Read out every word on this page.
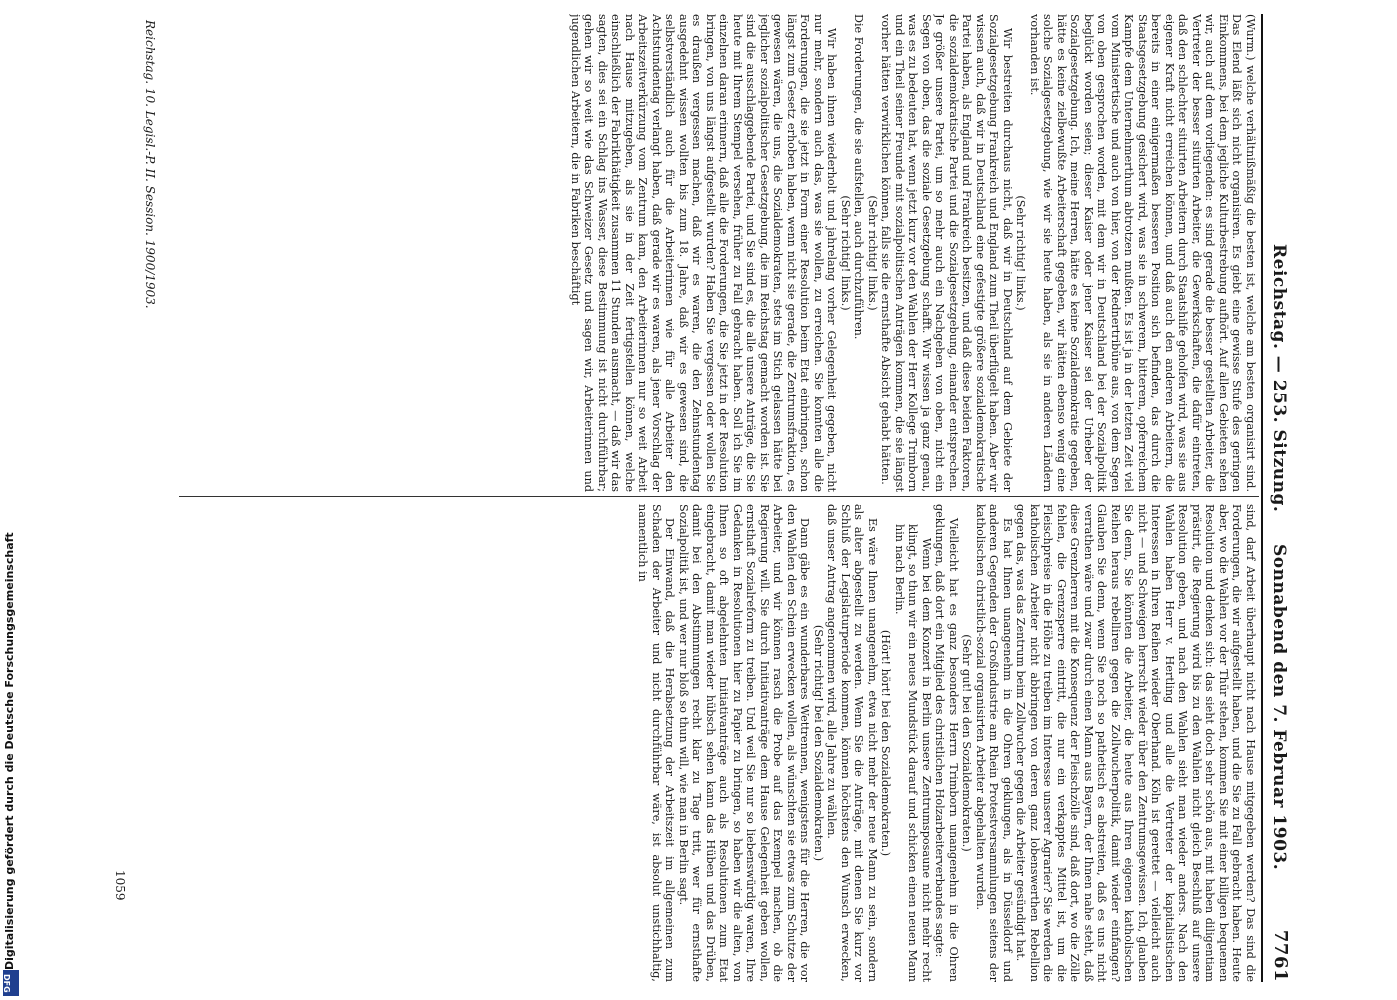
Digitalisierung gefördert durch die Deutsche Forschungsgemeinschaft
DFG
Reichstag. — 253. Sitzung.
Sonnabend den 7. Februar 1903.
7761

(Wurm.) welche verhältnißmäßig die besten ist, welche am besten organisirt sind. Das Elend läßt sich nicht organisiren. Es giebt eine gewisse Stufe des geringen Einkommens, bei dem jegliche Kulturbestrebung aufhört. Auf allen Gebieten sehen wir, auch auf dem vorliegenden: es sind gerade die besser gestellten Arbeiter, die Vertreter der besser situirten Arbeiter, die Gewerkschaften, die dafür eintreten, daß den schlechter situirten Arbeitern durch Staatshilfe geholfen wird, was sie aus eigener Kraft nicht erreichen können, und daß auch den anderen Arbeitern, die bereits in einer einigermaßen besseren Position sich befinden, das durch die Staatsgesetzgebung gesichert wird, was sie in schwerem, bitterem, opferreichem Kampfe dem Unternehmerthum abtrotzen mußten. Es ist ja in der letzten Zeit viel vom Ministertische und auch von hier, von der Rednertribüne aus, von dem Segen von oben gesprochen worden, mit dem wir in Deutschland bei der Sozialpolitik beglückt worden seien; dieser Kaiser oder jener Kaiser sei der Urheber der Sozialgesetzgebung. Ich, meine Herren, hätte es keine Sozialdemokratie gegeben, hätte es keine zielbewußte Arbeiterschaft gegeben, wir hätten ebenso wenig eine solche Sozialgesetzgebung, wie wir sie heute haben, als sie in anderen Ländern vorhanden ist.

(Sehr richtig! links.)

Wir bestreiten durchaus nicht, daß wir in Deutschland auf dem Gebiete der Sozialgesetzgebung Frankreich und England zum Theil überflügelt haben. Aber wir wissen auch, daß wir in Deutschland eine gefestigte größere sozialdemokratische Partei haben, als England und Frankreich besitzen, und daß diese beiden Faktoren, die sozialdemokratische Partei und die Sozialgesetzgebung, einander entsprechen. Je größer unsere Partei, um so mehr auch ein Nachgeben von oben, nicht ein Segen von oben, das die soziale Gesetzgebung schafft. Wir wissen ja ganz genau, was es zu bedeuten hat, wenn jetzt kurz vor den Wahlen der Herr Kollege Trimborn und ein Theil seiner Freunde mit sozialpolitischen Anträgen kommen, die sie längst vorher hätten verwirklichen können, falls sie die ernsthafte Absicht gehabt hätten.

(Sehr richtig! links.)

Die Forderungen, die sie aufstellen, auch durchzuführen.

(Sehr richtig! links.)

Wir haben ihnen wiederholt und jahrelang vorher Gelegenheit gegeben, nicht nur mehr, sondern auch das, was sie wollen, zu erreichen. Sie konnten alle die Forderungen, die sie jetzt in Form einer Resolution beim Etat einbringen, schon längst zum Gesetz erhoben haben, wenn nicht sie gerade, die Zentrumsfraktion, es gewesen wären, die uns, die Sozialdemokraten, stets im Stich gelassen hätte bei jeglicher sozialpolitischer Gesetzgebung, die im Reichstag gemacht worden ist. Sie sind die ausschlaggebende Partei, und Sie sind es, die alle unsere Anträge, die Sie heute mit Ihrem Stempel versehen, früher zu Fall gebracht haben. Soll ich Sie im einzelnen daran erinnern, daß alle die Forderungen, die Sie jetzt in der Resolution bringen, von uns längst aufgestellt wurden? Haben Sie vergessen oder wollen Sie es draußen vergessen machen, daß wir es waren, die den Zehnstundentag ausgedehnt wissen wollten bis zum 18. Jahre, daß wir es gewesen sind, die selbstverständlich auch für die Arbeiterinnen wie für alle Arbeiter den Achtstundentag verlangt haben, daß gerade wir es waren, als jener Vorschlag der Arbeitszeitverkürzung vom Zentrum kam, den Arbeiterinnen nur so weit Arbeit nach Hause mitzugeben, als sie in der Zeit fertigstellen können, welche einschließlich der Fabrikthätigkeit zusammen 11 Stunden ausmacht, — daß wir das sagten, dies sei ein Schlag ins Wasser, diese Bestimmung ist nicht durchführbar; gehen wir so weit wie das Schweizer Gesetz und sagen wir, Arbeiterinnen und jugendlichen Arbeitern, die in Fabriken beschäftigt

sind, darf Arbeit überhaupt nicht nach Hause mitgegeben werden? Das sind die Forderungen, die wir aufgestellt haben, und die Sie zu Fall gebracht haben. Heute aber, wo die Wahlen vor der Thür stehen, kommen Sie mit einer billigen bequemen Resolution und denken sich: das sieht doch sehr schön aus, mit haben diligentiam prästirt, die Regierung wird bis zu den Wahlen nicht gleich Beschluß auf unsere Resolution geben, und nach den Wahlen sieht man wieder anders. Nach den Wahlen haben Herr v. Hertling und alle die Vertreter der kapitalistischen Interessen in Ihren Reihen wieder Oberhand. Köln ist gerettet — vielleicht auch nicht — und Schweigen herrscht wieder über den Zentrumsgewissen. Ich, glauben Sie denn, Sie könnten die Arbeiter, die heute aus Ihren eigenen katholischen Reihen heraus rebelliren gegen die Zollwucherpolitik, damit wieder einfangen? Glauben Sie denn, wenn Sie noch so pathetisch es abstreiten, daß es uns nicht verrathen wäre und zwar durch einen Mann aus Bayern, der Ihnen nahe steht, daß diese Grenzherren mit die Konsequenz der Fleischzölle sind, daß dort, wo die Zölle fehlen, die Grenzsperre eintritt, die nur ein verkapptes Mittel ist, um die Fleischpreise in die Höhe zu treiben im Interesse unserer Agrarier? Sie werden die katholischen Arbeiter nicht abbringen von deren ganz lobenswerthen Rebellion gegen das, was das Zentrum beim Zollwucher gegen die Arbeiter gesündigt hat.

Es hat Ihnen unangenehm in die Ohren geklungen, als in Düsseldorf und anderen Gegenden der Großindustrie am Rhein Protestversammlungen seitens der katholischen christlich-sozial organisirten Arbeiter abgehalten wurden.

(Sehr gut! bei den Sozialdemokraten.)

Vielleicht hat es ganz besonders Herrn Trimborn unangenehm in die Ohren geklungen, daß dort ein Mitglied des christlichen Holzarbeiterverbandes sagte:

Wenn bei dem Konzert in Berlin unsere Zentrumsposaune nicht mehr recht klingt, so thun wir ein neues Mundstück darauf und schicken einen neuen Mann hin nach Berlin.

(Hört! hört! bei den Sozialdemokraten.)

Es wäre Ihnen unangenehm, etwa nicht mehr der neue Mann zu sein, sondern als alter abgestellt zu werden. Wenn Sie die Anträge, mit denen Sie kurz vor Schluß der Legislaturperiode kommen, können höchstens den Wunsch erwecken, daß unser Antrag angenommen wird, alle Jahre zu wählen.

(Sehr richtig! bei den Sozialdemokraten.)

Dann gäbe es ein wunderbares Wettrennen, wenigstens für die Herren, die vor den Wahlen den Schein erwecken wollen, als wünschten sie etwas zum Schutze der Arbeiter, und wir können rasch die Probe auf das Exempel machen, ob die Regierung will. Sie durch Initiativanträge dem Hause Gelegenheit geben wollen, ernsthaft Sozialreform zu treiben. Und weil Sie nur so liebenswürdig waren, Ihre Gedanken in Resolutionen hier zu Papier zu bringen, so haben wir die alten, von Ihnen so oft abgelehnten Initiativanträge auch als Resolutionen zum Etat eingebracht, damit man wieder hübsch sehen kann das Hüben und das Drüben, damit bei den Abstimmungen recht klar zu Tage tritt, wer für ernsthafte Sozialpolitik ist, und wer nur bloß so thun will, wie man in Berlin sagt.

Der Einwand, daß die Herabsetzung der Arbeitszeit im allgemeinen zum Schaden der Arbeiter und nicht durchführbar wäre, ist absolut unstichhaltig, namentlich in

Reichstag. 10. Legisl.-P. II. Session. 1900/1903.
1059
